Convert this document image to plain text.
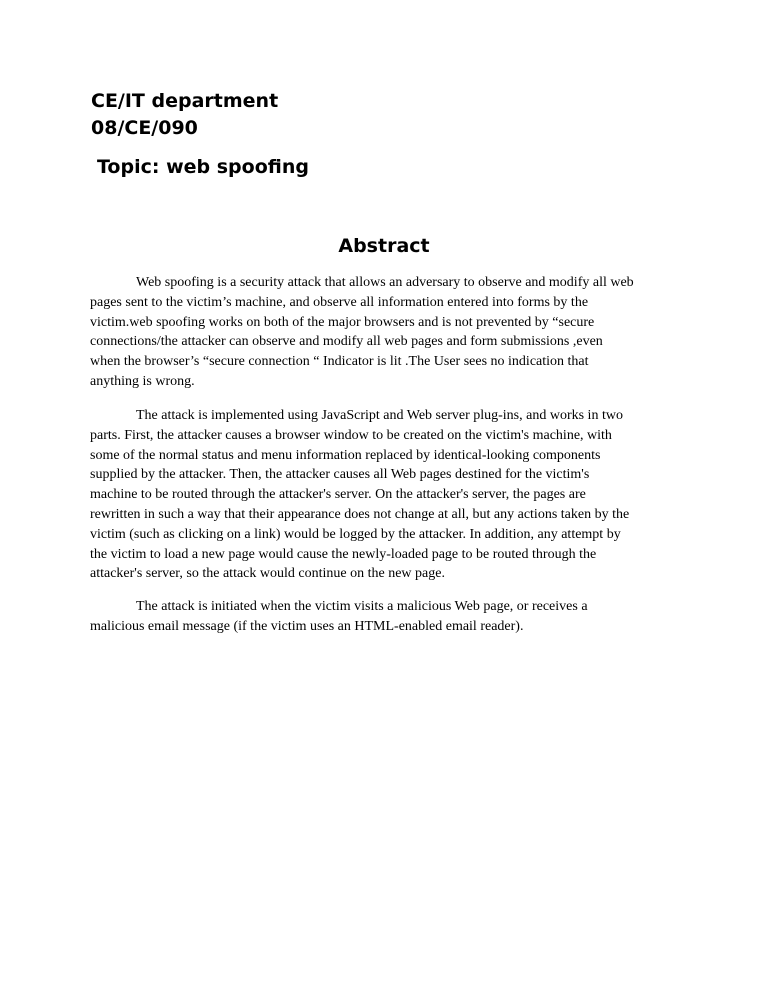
CE/IT department
08/CE/090
Topic: web spoofing
Abstract

Web spoofing is a security attack that allows an adversary to observe and modify all web
pages sent to the victim’s machine, and observe all information entered into forms by the
victim.web spoofing works on both of the major browsers and is not prevented by “secure
connections/the attacker can observe and modify all web pages and form submissions ,even
when the browser’s “secure connection “ Indicator is lit .The User sees no indication that
anything is wrong.

The attack is implemented using JavaScript and Web server plug-ins, and works in two
parts. First, the attacker causes a browser window to be created on the victim's machine, with
some of the normal status and menu information replaced by identical-looking components
supplied by the attacker. Then, the attacker causes all Web pages destined for the victim's
machine to be routed through the attacker's server. On the attacker's server, the pages are
rewritten in such a way that their appearance does not change at all, but any actions taken by the
victim (such as clicking on a link) would be logged by the attacker. In addition, any attempt by
the victim to load a new page would cause the newly-loaded page to be routed through the
attacker's server, so the attack would continue on the new page.

The attack is initiated when the victim visits a malicious Web page, or receives a
malicious email message (if the victim uses an HTML-enabled email reader).
